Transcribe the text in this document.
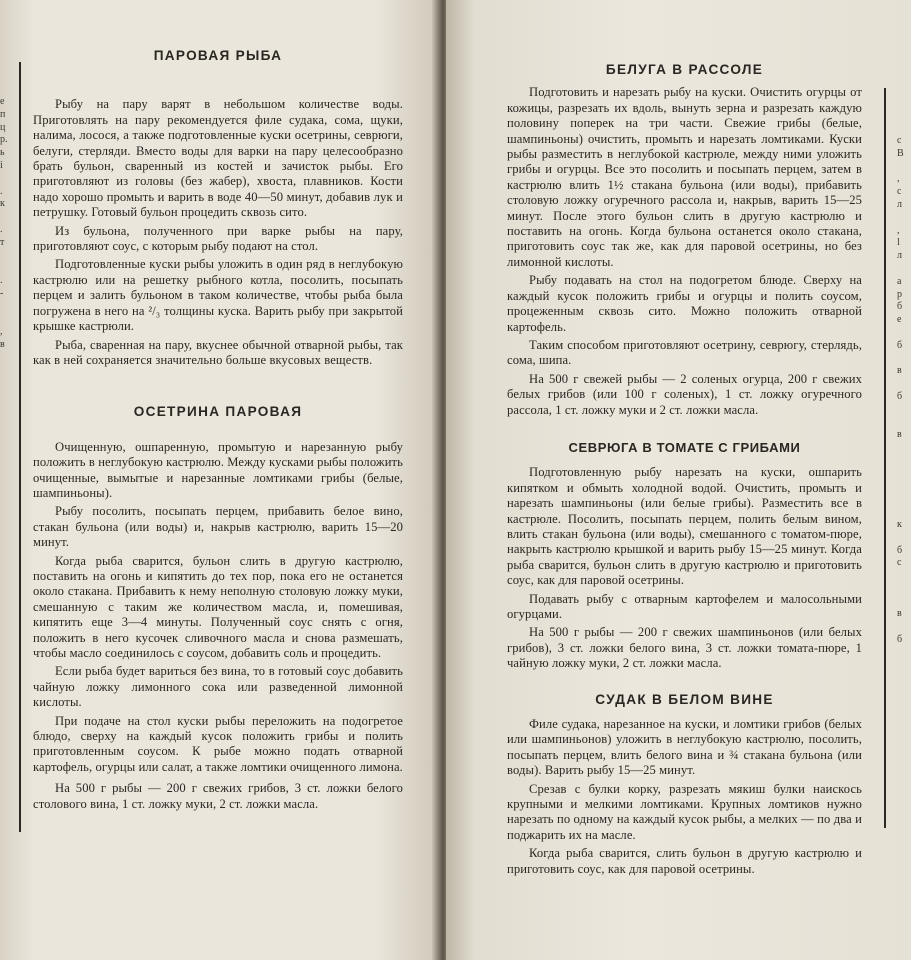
е
п
ц
р.
ь
і
.
к
.
т
.
-
,
в
ПАРОВАЯ РЫБА

Рыбу на пару варят в небольшом количестве воды. Приготовлять на пару рекомендуется филе судака, сома, щуки, налима, лосося, а также подготовленные куски осетрины, севрюги, белуги, стерляди. Вместо воды для варки на пару целесообразно брать бульон, сваренный из костей и зачисток рыбы. Его приготовляют из головы (без жабер), хвоста, плавников. Кости надо хорошо промыть и варить в воде 40—50 минут, добавив лук и петрушку. Готовый бульон процедить сквозь сито.

Из бульона, полученного при варке рыбы на пару, приготовляют соус, с которым рыбу подают на стол.

Подготовленные куски рыбы уложить в один ряд в неглубокую кастрюлю или на решетку рыбного котла, посолить, посыпать перцем и залить бульоном в таком количестве, чтобы рыба была погружена в него на ²/₃ толщины куска. Варить рыбу при закрытой крышке кастрюли.

Рыба, сваренная на пару, вкуснее обычной отварной рыбы, так как в ней сохраняется значительно больше вкусовых веществ.

ОСЕТРИНА ПАРОВАЯ

Очищенную, ошпаренную, промытую и нарезанную рыбу положить в неглубокую кастрюлю. Между кусками рыбы положить очищенные, вымытые и нарезанные ломтиками грибы (белые, шампиньоны).

Рыбу посолить, посыпать перцем, прибавить белое вино, стакан бульона (или воды) и, накрыв кастрюлю, варить 15—20 минут.

Когда рыба сварится, бульон слить в другую кастрюлю, поставить на огонь и кипятить до тех пор, пока его не останется около стакана. Прибавить к нему неполную столовую ложку муки, смешанную с таким же количеством масла, и, помешивая, кипятить еще 3—4 минуты. Полученный соус снять с огня, положить в него кусочек сливочного масла и снова размешать, чтобы масло соединилось с соусом, добавить соль и процедить.

Если рыба будет вариться без вина, то в готовый соус добавить чайную ложку лимонного сока или разведенной лимонной кислоты.

При подаче на стол куски рыбы переложить на подогретое блюдо, сверху на каждый кусок положить грибы и полить приготовленным соусом. К рыбе можно подать отварной картофель, огурцы или салат, а также ломтики очищенного лимона.

На 500 г рыбы — 200 г свежих грибов, 3 ст. ложки белого столового вина, 1 ст. ложку муки, 2 ст. ложки масла.

с
В
,
с
л
,
l
л
а
р
б
е
б
в
б
в
к
б
с
в
б
БЕЛУГА В РАССОЛЕ

Подготовить и нарезать рыбу на куски. Очистить огурцы от кожицы, разрезать их вдоль, вынуть зерна и разрезать каждую половину поперек на три части. Свежие грибы (белые, шампиньоны) очистить, промыть и нарезать ломтиками. Куски рыбы разместить в неглубокой кастрюле, между ними уложить грибы и огурцы. Все это посолить и посыпать перцем, затем в кастрюлю влить 1½ стакана бульона (или воды), прибавить столовую ложку огуречного рассола и, накрыв, варить 15—25 минут. После этого бульон слить в другую кастрюлю и поставить на огонь. Когда бульона останется около стакана, приготовить соус так же, как для паровой осетрины, но без лимонной кислоты.

Рыбу подавать на стол на подогретом блюде. Сверху на каждый кусок положить грибы и огурцы и полить соусом, процеженным сквозь сито. Можно положить отварной картофель.

Таким способом приготовляют осетрину, севрюгу, стерлядь, сома, шипа.

На 500 г свежей рыбы — 2 соленых огурца, 200 г свежих белых грибов (или 100 г соленых), 1 ст. ложку огуречного рассола, 1 ст. ложку муки и 2 ст. ложки масла.

СЕВРЮГА В ТОМАТЕ С ГРИБАМИ

Подготовленную рыбу нарезать на куски, ошпарить кипятком и обмыть холодной водой. Очистить, промыть и нарезать шампиньоны (или белые грибы). Разместить все в кастрюле. Посолить, посыпать перцем, полить белым вином, влить стакан бульона (или воды), смешанного с томатом-пюре, накрыть кастрюлю крышкой и варить рыбу 15—25 минут. Когда рыба сварится, бульон слить в другую кастрюлю и приготовить соус, как для паровой осетрины.

Подавать рыбу с отварным картофелем и малосольными огурцами.

На 500 г рыбы — 200 г свежих шампиньонов (или белых грибов), 3 ст. ложки белого вина, 3 ст. ложки томата-пюре, 1 чайную ложку муки, 2 ст. ложки масла.

СУДАК В БЕЛОМ ВИНЕ

Филе судака, нарезанное на куски, и ломтики грибов (белых или шампиньонов) уложить в неглубокую кастрюлю, посолить, посыпать перцем, влить белого вина и ¾ стакана бульона (или воды). Варить рыбу 15—25 минут.

Срезав с булки корку, разрезать мякиш булки наискось крупными и мелкими ломтиками. Крупных ломтиков нужно нарезать по одному на каждый кусок рыбы, а мелких — по два и поджарить их на масле.

Когда рыба сварится, слить бульон в другую кастрюлю и приготовить соус, как для паровой осетрины.
